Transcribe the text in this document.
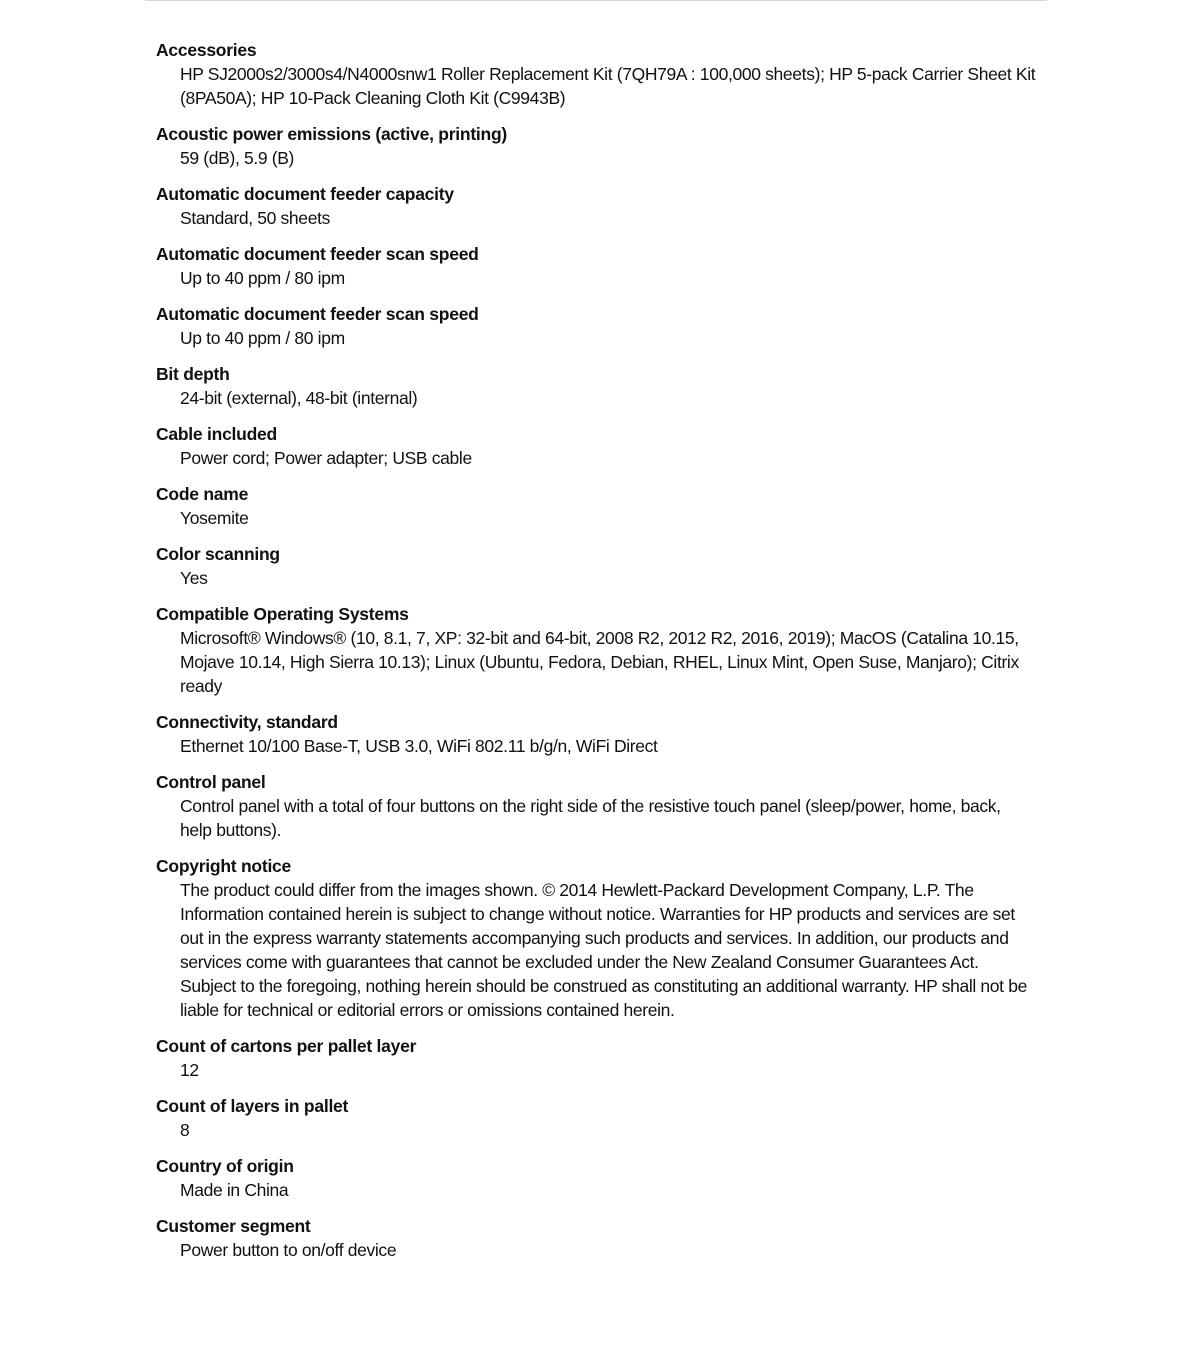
Accessories
HP SJ2000s2/3000s4/N4000snw1 Roller Replacement Kit (7QH79A : 100,000 sheets); HP 5-pack Carrier Sheet Kit (8PA50A); HP 10-Pack Cleaning Cloth Kit (C9943B)
Acoustic power emissions (active, printing)
59 (dB), 5.9 (B)
Automatic document feeder capacity
Standard, 50 sheets
Automatic document feeder scan speed
Up to 40 ppm / 80 ipm
Automatic document feeder scan speed
Up to 40 ppm / 80 ipm
Bit depth
24-bit (external), 48-bit (internal)
Cable included
Power cord; Power adapter; USB cable
Code name
Yosemite
Color scanning
Yes
Compatible Operating Systems
Microsoft® Windows® (10, 8.1, 7, XP: 32-bit and 64-bit, 2008 R2, 2012 R2, 2016, 2019); MacOS (Catalina 10.15, Mojave 10.14, High Sierra 10.13); Linux (Ubuntu, Fedora, Debian, RHEL, Linux Mint, Open Suse, Manjaro); Citrix ready
Connectivity, standard
Ethernet 10/100 Base-T, USB 3.0, WiFi 802.11 b/g/n, WiFi Direct
Control panel
Control panel with a total of four buttons on the right side of the resistive touch panel (sleep/power, home, back, help buttons).
Copyright notice
The product could differ from the images shown. © 2014 Hewlett-Packard Development Company, L.P. The Information contained herein is subject to change without notice. Warranties for HP products and services are set out in the express warranty statements accompanying such products and services. In addition, our products and services come with guarantees that cannot be excluded under the New Zealand Consumer Guarantees Act. Subject to the foregoing, nothing herein should be construed as constituting an additional warranty. HP shall not be liable for technical or editorial errors or omissions contained herein.
Count of cartons per pallet layer
12
Count of layers in pallet
8
Country of origin
Made in China
Customer segment
Power button to on/off device
